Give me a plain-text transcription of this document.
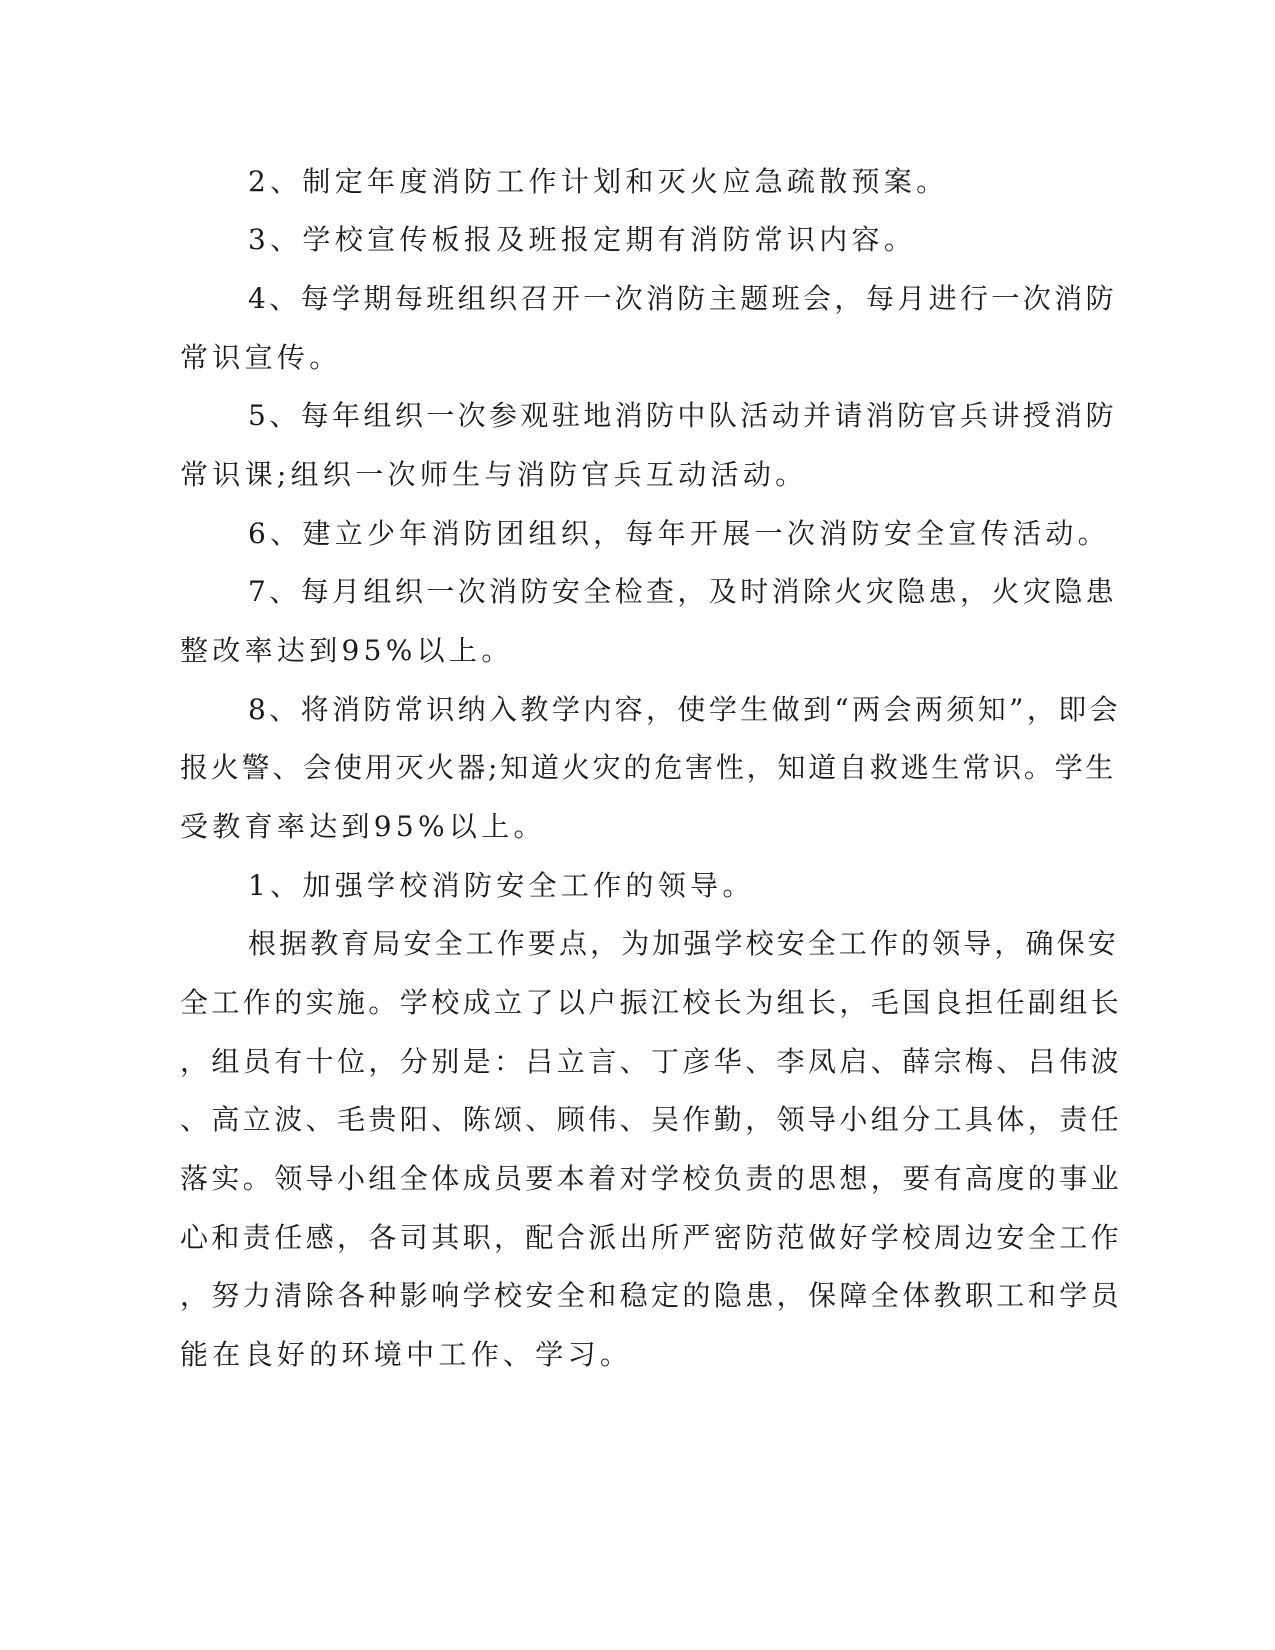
2、制定年度消防工作计划和灭火应急疏散预案。

3、学校宣传板报及班报定期有消防常识内容。

4、每学期每班组织召开一次消防主题班会，每月进行一次消防

常识宣传。

5、每年组织一次参观驻地消防中队活动并请消防官兵讲授消防

常识课;组织一次师生与消防官兵互动活动。

6、建立少年消防团组织，每年开展一次消防安全宣传活动。

7、每月组织一次消防安全检查，及时消除火灾隐患，火灾隐患

整改率达到95%以上。

8、将消防常识纳入教学内容，使学生做到“两会两须知”，即会

报火警、会使用灭火器;知道火灾的危害性，知道自救逃生常识。学生

受教育率达到95%以上。

1、加强学校消防安全工作的领导。

根据教育局安全工作要点，为加强学校安全工作的领导，确保安

全工作的实施。学校成立了以户振江校长为组长，毛国良担任副组长

，组员有十位，分别是：吕立言、丁彦华、李凤启、薛宗梅、吕伟波

、高立波、毛贵阳、陈颂、顾伟、吴作勤，领导小组分工具体，责任

落实。领导小组全体成员要本着对学校负责的思想，要有高度的事业

心和责任感，各司其职，配合派出所严密防范做好学校周边安全工作

，努力清除各种影响学校安全和稳定的隐患，保障全体教职工和学员

能在良好的环境中工作、学习。
